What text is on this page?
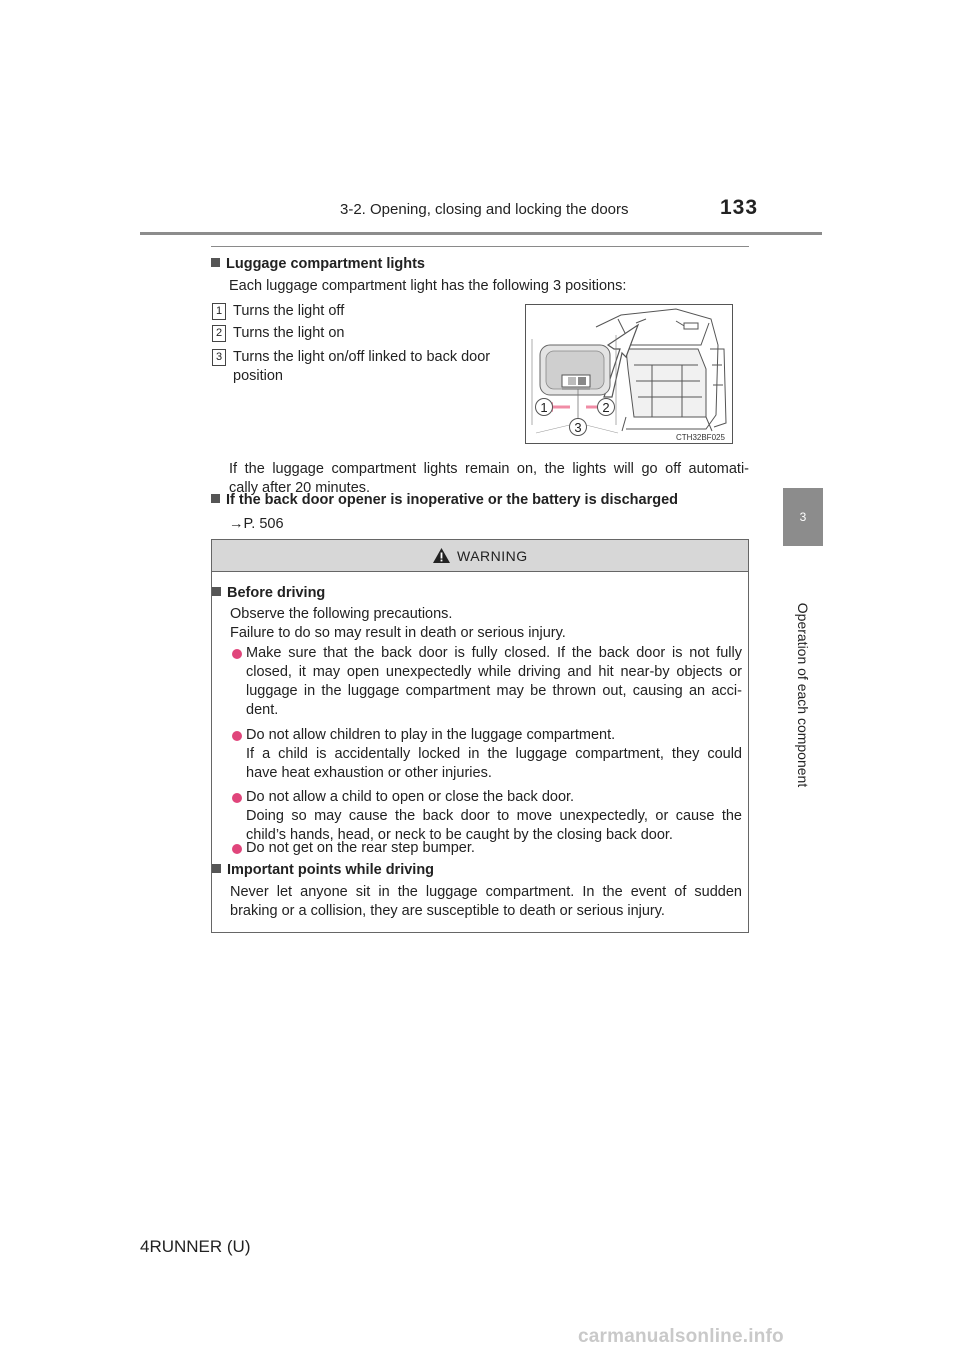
3-2. Opening, closing and locking the doors	133
3
Operation of each component
Luggage compartment lights
Each luggage compartment light has the following 3 positions:
1 Turns the light off
2 Turns the light on
3 Turns the light on/off linked to back door
position
1	2
3
CTH32BF025
If the luggage compartment lights remain on, the lights will go off automati-
cally after 20 minutes.
If the back door opener is inoperative or the battery is discharged
→P. 506
WARNING
Before driving
Observe the following precautions.
Failure to do so may result in death or serious injury.
Make sure that the back door is fully closed. If the back door is not fully
closed, it may open unexpectedly while driving and hit near-by objects or
luggage in the luggage compartment may be thrown out, causing an acci-
dent.
Do not allow children to play in the luggage compartment.
If a child is accidentally locked in the luggage compartment, they could
have heat exhaustion or other injuries.
Do not allow a child to open or close the back door.
Doing so may cause the back door to move unexpectedly, or cause the
child’s hands, head, or neck to be caught by the closing back door.
Do not get on the rear step bumper.
Important points while driving
Never let anyone sit in the luggage compartment. In the event of sudden
braking or a collision, they are susceptible to death or serious injury.
4RUNNER (U)
carmanualsonline.info
